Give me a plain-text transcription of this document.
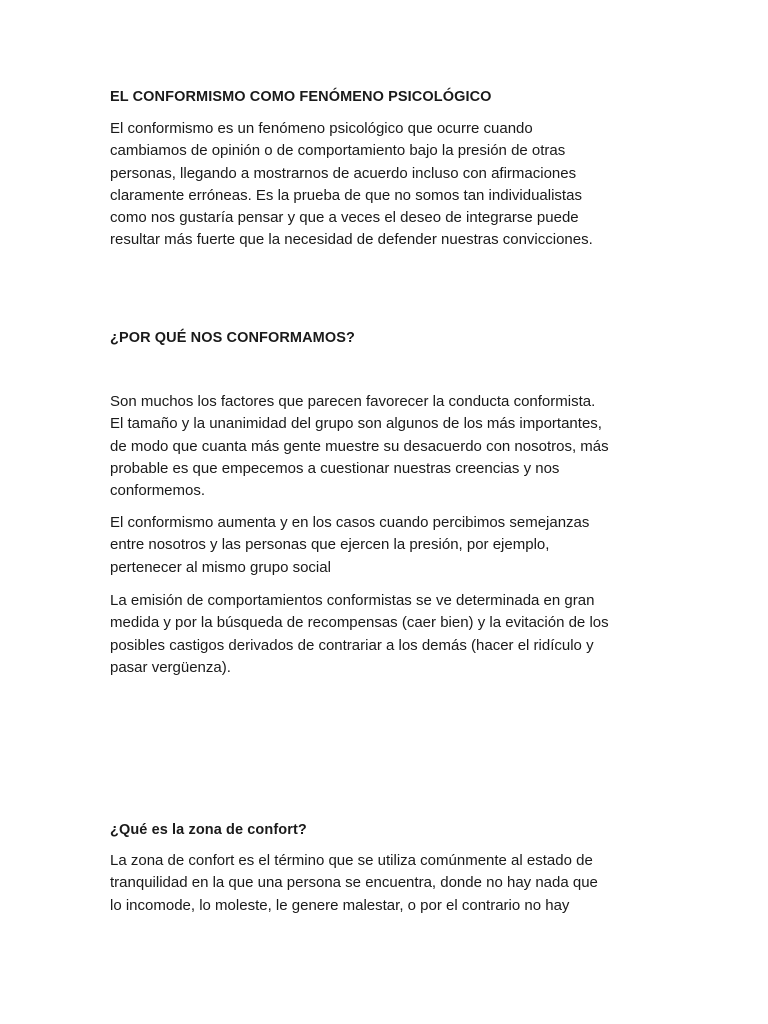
EL CONFORMISMO COMO FENÓMENO PSICOLÓGICO

El conformismo es un fenómeno psicológico que ocurre cuando
cambiamos de opinión o de comportamiento bajo la presión de otras
personas, llegando a mostrarnos de acuerdo incluso con afirmaciones
claramente erróneas. Es la prueba de que no somos tan individualistas
como nos gustaría pensar y que a veces el deseo de integrarse puede
resultar más fuerte que la necesidad de defender nuestras convicciones.

¿POR QUÉ NOS CONFORMAMOS?

Son muchos los factores que parecen favorecer la conducta conformista.
El tamaño y la unanimidad del grupo son algunos de los más importantes,
de modo que cuanta más gente muestre su desacuerdo con nosotros, más
probable es que empecemos a cuestionar nuestras creencias y nos
conformemos.

El conformismo aumenta y en los casos cuando percibimos semejanzas
entre nosotros y las personas que ejercen la presión, por ejemplo,
pertenecer al mismo grupo social

La emisión de comportamientos conformistas se ve determinada en gran
medida y por la búsqueda de recompensas (caer bien) y la evitación de los
posibles castigos derivados de contrariar a los demás (hacer el ridículo y
pasar vergüenza).

¿Qué es la zona de confort?

La zona de confort es el término que se utiliza comúnmente al estado de
tranquilidad en la que una persona se encuentra, donde no hay nada que
lo incomode, lo moleste, le genere malestar, o por el contrario no hay
